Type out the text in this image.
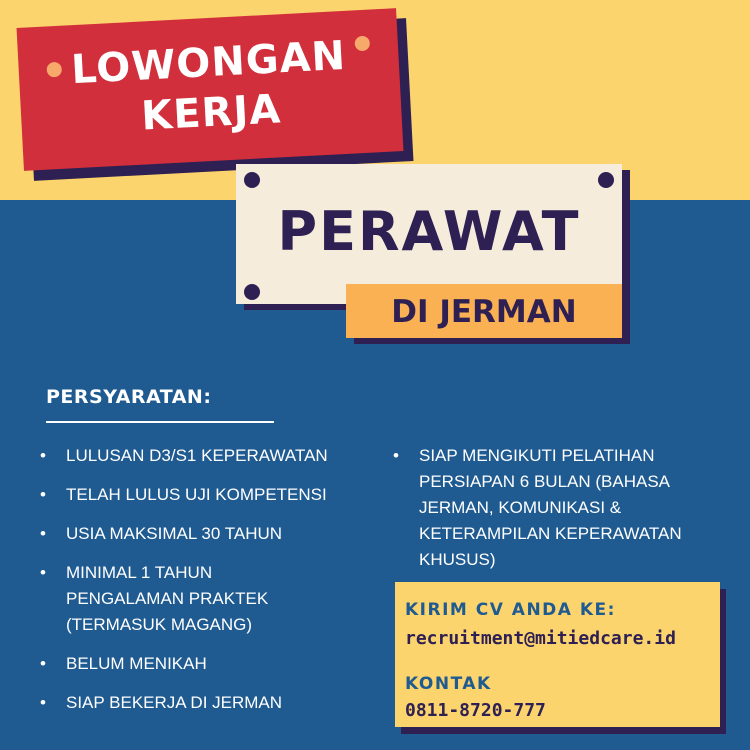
LOWONGAN
KERJA
PERAWAT
DI JERMAN
PERSYARATAN:
• LULUSAN D3/S1 KEPERAWATAN
• TELAH LULUS UJI KOMPETENSI
• USIA MAKSIMAL 30 TAHUN
• MINIMAL 1 TAHUN PENGALAMAN PRAKTEK (TERMASUK MAGANG)
• BELUM MENIKAH
• SIAP BEKERJA DI JERMAN
• SIAP MENGIKUTI PELATIHAN PERSIAPAN 6 BULAN (BAHASA JERMAN, KOMUNIKASI & KETERAMPILAN KEPERAWATAN KHUSUS)
KIRIM CV ANDA KE:
recruitment@mitiedcare.id
KONTAK
0811-8720-777
